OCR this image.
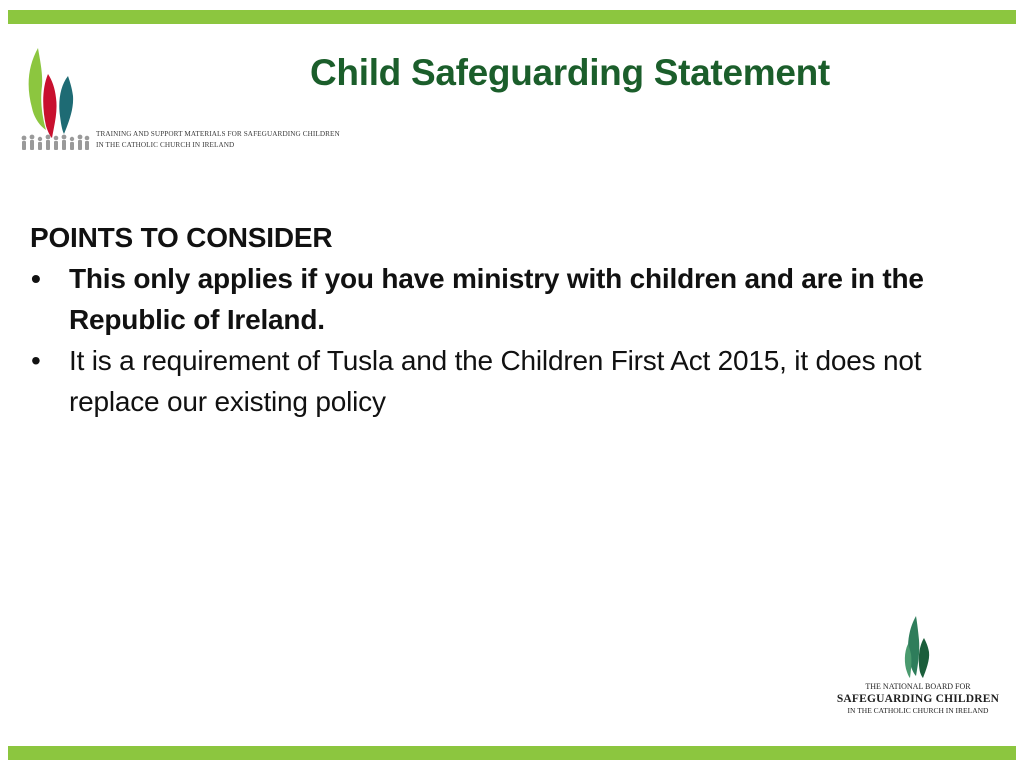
TRAINING AND SUPPORT MATERIALS FOR SAFEGUARDING CHILDREN
IN THE CATHOLIC CHURCH IN IRELAND
Child Safeguarding Statement
POINTS TO CONSIDER
• This only applies if you have ministry with children and are in the Republic of Ireland.
• It is a requirement of Tusla and the Children First Act 2015, it does not replace our existing policy
THE NATIONAL BOARD FOR
SAFEGUARDING CHILDREN
IN THE CATHOLIC CHURCH IN IRELAND
